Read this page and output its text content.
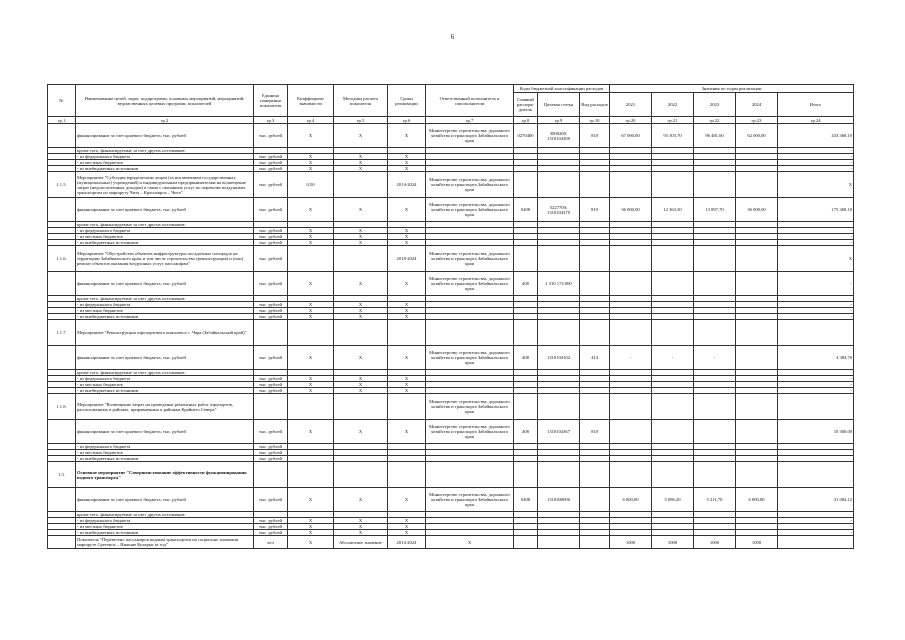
6
№	Наименование целей, задач, подпрограмм, основных мероприятий, мероприятий, ведомственных целевых программ, показателей	Единица измерения показателя	Коэффициент значимости	Методика расчета показателя	Сроки реализации	Ответственный исполнитель и соисполнители	Коды бюджетной классификации расходов			Значения по годам реализации				
							Главный распоря-дитель	Целевая статья	Вид расходов	2021	2022	2023	2024	Итого
гр.1	гр.2	гр.3	гр.4	гр.5	гр.6	гр.7	гр.8	гр.9	гр.10	гр.20	гр.21	гр.22	гр.23	гр.24
	финансирование за счет краевого бюджета, тыс. рублей	тыс. рублей	X	X	X	Министерство строительства, дорожного хозяйства и транспорта Забайкальского края	0270400	3000200; 1310104300	810	67 000,00	93 303,70	96 481,60	62 000,00	433 368,10
	кроме того, финансируемые за счет других источников:													-
	- из федерального бюджета	тыс. рублей	X	X	X									-
	- из местных бюджетов	тыс. рублей	X	X	X									-
	- из внебюджетных источников	тыс. рублей	X	X	X									-
1.1.5.	Мероприятие "Субсидия юридическим лицам (за исключением государственных (муниципальных) учреждений) и индивидуальным предпринимателям на возмещение затрат (недополученных доходов) в связи с оказанием услуг по перевозке воздушным транспортом по маршруту Чита – Красноярск – Чита"	тыс. рублей	0,50		2014-2024	Министерство строительства, дорожного хозяйства и транспорта Забайкальского края								X
	финансирование за счет краевого бюджета, тыс. рублей	тыс. рублей	X	X	X	Министерство строительства, дорожного хозяйства и транспорта Забайкальского края	0408	5227700; 1310104370	810	36 000,00	12 363,30	13 897,70	36 000,00	175 368,10
	кроме того, финансируемые за счет других источников:													
	- из федерального бюджета	тыс. рублей	X	X	X									-
	- из местных бюджетов	тыс. рублей	X	X	X									-
	- из внебюджетных источников	тыс. рублей	X	X	X									-
1.1.6.	Мероприятие "Обустройство объектов инфраструктуры посадочных площадок на территории Забайкальского края, в том числе строительство (реконструкция) и (или) ремонт объектов оказания воздушных услуг пассажирам"	тыс. рублей			2018-2024	Министерство строительства, дорожного хозяйства и транспорта Забайкальского края								X
	финансирование за счет краевого бюджета, тыс. рублей	тыс. рублей	X	X	X	Министерство строительства, дорожного хозяйства и транспорта Забайкальского края	408	1 310 174 000						-
	кроме того, финансируемые за счет других источников:													
	- из федерального бюджета	тыс. рублей	X	X	X									-
	- из местных бюджетов	тыс. рублей	X	X	X									-
	- из внебюджетных источников	тыс. рублей	X	X	X									-
1.1.7.	Мероприятие "Реконструкция аэропортового комплекса с. Чара (Забайкальский край)"													
	финансирование за счет краевого бюджета, тыс. рублей	тыс. рублей	X	X	X	Министерство строительства, дорожного хозяйства и транспорта Забайкальского края	408	1310104102	414	-	-	-		4 384,76
	кроме того, финансируемые за счет других источников:													
	- из федерального бюджета	тыс. рублей	X	X	X									-
	- из местных бюджетов	тыс. рублей	X	X	X									-
	- из внебюджетных источников	тыс. рублей	X	X	X									-
1.1.8.	Мероприятие "Возмещение затрат на проведение ремонтных работ аэропортов, расположенных в районах, приравненных к районам Крайнего Севера"					Министерство строительства, дорожного хозяйства и транспорта Забайкальского края								
	финансирование за счет краевого бюджета, тыс. рублей	тыс. рублей	X	X	X	Министерство строительства, дорожного хозяйства и транспорта Забайкальского края	408	1310104367	810					10 300,00
	- из федерального бюджета	тыс. рублей												
	- из местных бюджетов	тыс. рублей												
	- из внебюджетных источников	тыс. рублей												
1.3.	Основное мероприятие "Совершенствование эффективности функционирования водного транспорта"													
	финансирование за счет краевого бюджета, тыс. рублей	тыс. рублей	X	X	X	Министерство строительства, дорожного хозяйства и транспорта Забайкальского края	0408	1310300000		6 000,00	5 086,20	5 211,70	6 000,00	31 084,12
	кроме того, финансируемые за счет других источников:													
	- из федерального бюджета	тыс. рублей	X	X	X									-
	- из местных бюджетов	тыс. рублей	X	X	X									-
	- из внебюджетных источников	тыс. рублей	X	X	X									-
	Показатель "Перевезено пассажиров водным транспортом на социально значимом маршруте Сретенск – Нижние Куларки за год"	чел	X	Абсолютное значение	2014-2024	X				1000	1000	1000	1000	
